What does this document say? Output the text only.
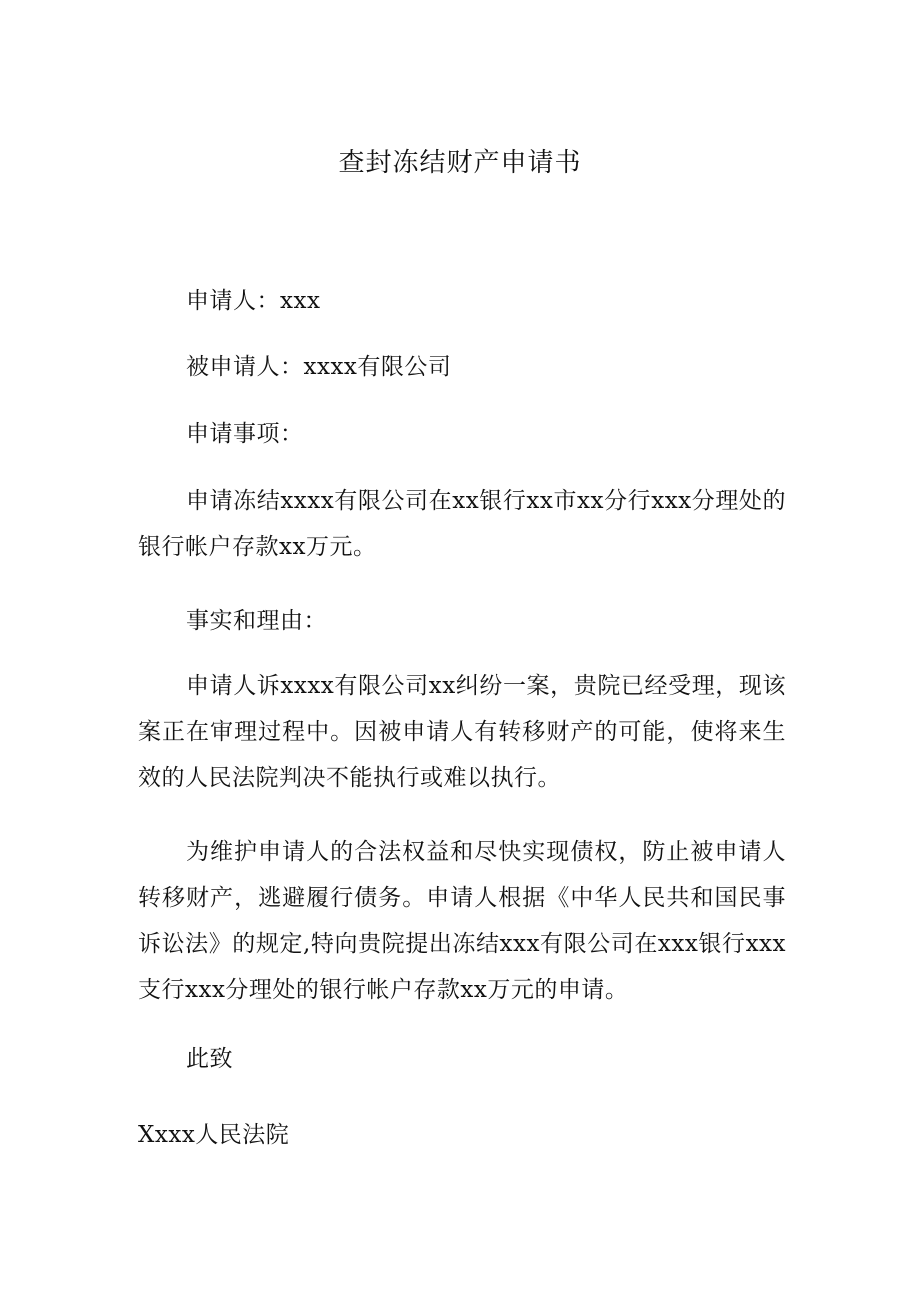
查封冻结财产申请书
申请人：xxx
被申请人：xxxx有限公司
申请事项：
申请冻结xxxx有限公司在xx银行xx市xx分行xxx分理处的银行帐户存款xx万元。
事实和理由：
申请人诉xxxx有限公司xx纠纷一案，贵院已经受理，现该案正在审理过程中。因被申请人有转移财产的可能，使将来生效的人民法院判决不能执行或难以执行。
为维护申请人的合法权益和尽快实现债权，防止被申请人转移财产，逃避履行债务。申请人根据《中华人民共和国民事诉讼法》的规定,特向贵院提出冻结xxx有限公司在xxx银行xxx支行xxx分理处的银行帐户存款xx万元的申请。
此致
Xxxx人民法院
